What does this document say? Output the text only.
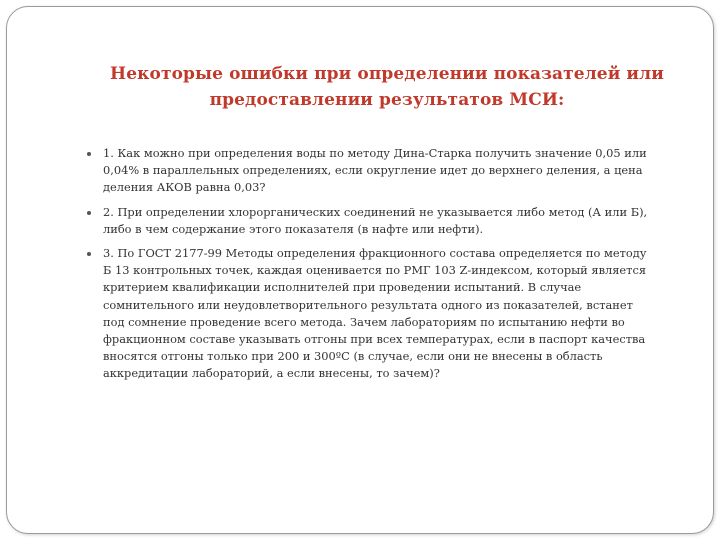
Некоторые ошибки при определении показателей или
предоставлении результатов МСИ:
1. Как можно при определения воды по методу Дина-Старка получить значение 0,05 или
0,04% в параллельных определениях, если округление идет до верхнего деления, а цена
деления АКОВ равна 0,03?
2. При определении хлорорганических соединений не указывается либо метод (А или Б),
либо в чем содержание этого показателя (в нафте или нефти).
3. По ГОСТ 2177-99 Методы определения фракционного состава определяется по методу
Б 13 контрольных точек, каждая оценивается по РМГ 103 Z-индексом, который является
критерием квалификации исполнителей при проведении испытаний. В случае
сомнительного или неудовлетворительного результата одного из показателей, встанет
под сомнение проведение всего метода. Зачем лабораториям по испытанию нефти во
фракционном составе указывать отгоны при всех температурах, если в паспорт качества
вносятся отгоны только при 200 и 300ºС (в случае, если они не внесены в область
аккредитации лабораторий, а если внесены, то зачем)?
